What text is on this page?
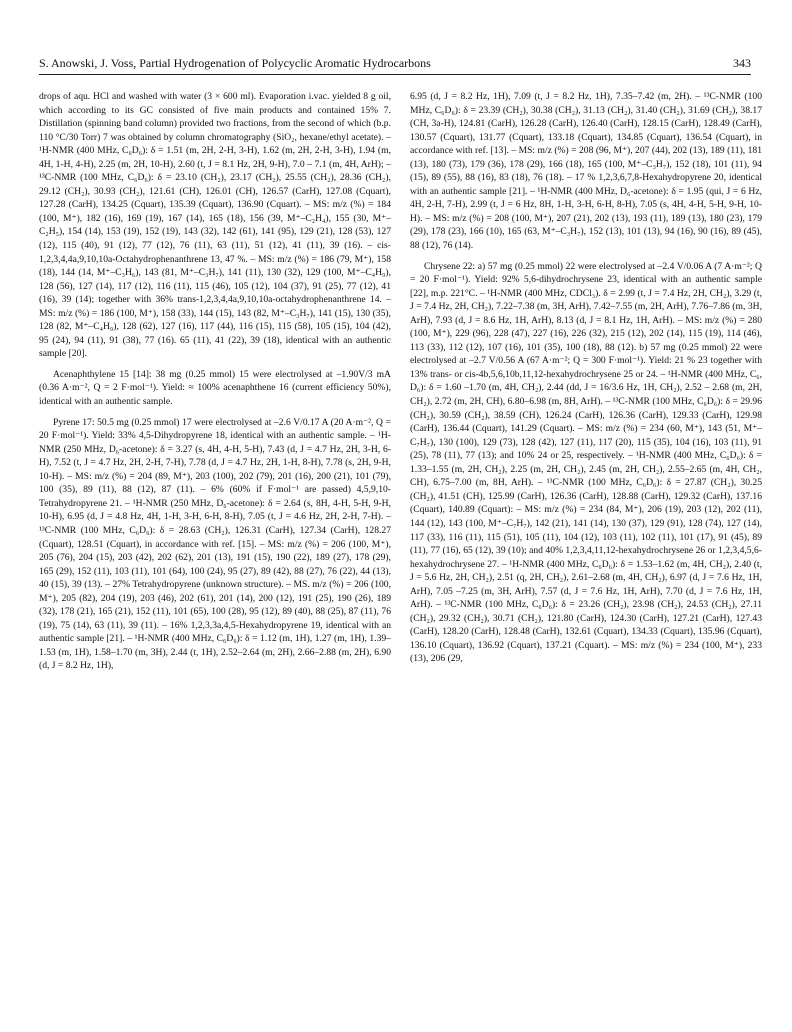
S. Anowski, J. Voss, Partial Hydrogenation of Polycyclic Aromatic Hydrocarbons	343

drops of aqu. HCl and washed with water (3 × 600 ml). Evaporation i.vac. yielded 8 g oil, which according to its GC consisted of five main products and contained 15% 7. Distillation (spinning band column) provided two fractions, from the second of which (b.p. 110 °C/30 Torr) 7 was obtained by column chromatography (SiO₂, hexane/ethyl acetate). – ¹H-NMR (400 MHz, C₆D₆): δ = 1.51 (m, 2H, 2-H, 3-H), 1.62 (m, 2H, 2-H, 3-H), 1.94 (m, 4H, 1-H, 4-H), 2.25 (m, 2H, 10-H), 2.60 (t, J = 8.1 Hz, 2H, 9-H), 7.0 – 7.1 (m, 4H, ArH); – ¹³C-NMR (100 MHz, C₆D₆): δ = 23.10 (CH₂), 23.17 (CH₂), 25.55 (CH₂), 28.36 (CH₂), 29.12 (CH₂), 30.93 (CH₂), 121.61 (CH), 126.01 (CH), 126.57 (CarH), 127.08 (Cquart), 127.28 (CarH), 134.25 (Cquart), 135.39 (Cquart), 136.90 (Cquart). – MS: m/z (%) = 184 (100, M⁺), 182 (16), 169 (19), 167 (14), 165 (18), 156 (39, M⁺–C₂H₄), 155 (30, M⁺–C₂H₅), 154 (14), 153 (19), 152 (19), 143 (32), 142 (61), 141 (95), 129 (21), 128 (53), 127 (12), 115 (40), 91 (12), 77 (12), 76 (11), 63 (11), 51 (12), 41 (11), 39 (16). – cis-1,2,3,4,4a,9,10,10a-Octahydrophenanthrene 13, 47 %. – MS: m/z (%) = 186 (79, M⁺), 158 (18), 144 (14, M⁺–C₃H₆), 143 (81, M⁺–C₃H₇), 141 (11), 130 (32), 129 (100, M⁺–C₄H₉), 128 (56), 127 (14), 117 (12), 116 (11), 115 (46), 105 (12), 104 (37), 91 (25), 77 (12), 41 (16), 39 (14); together with 36% trans-1,2,3,4,4a,9,10,10a-octahydrophenanthrene 14. – MS: m/z (%) = 186 (100, M⁺), 158 (33), 144 (15), 143 (82, M⁺–C₃H₇), 141 (15), 130 (35), 128 (82, M⁺–C₄H₉), 128 (62), 127 (16), 117 (44), 116 (15), 115 (58), 105 (15), 104 (42), 95 (24), 94 (11), 91 (38), 77 (16). 65 (11), 41 (22), 39 (18), identical with an authentic sample [20].

Acenaphthylene 15 [14]: 38 mg (0.25 mmol) 15 were electrolysed at –1.90V/3 mA (0.36 A·m⁻², Q = 2 F·mol⁻¹). Yield: ≈ 100% acenaphthene 16 (current efficiency 50%), identical with an authentic sample.

Pyrene 17: 50.5 mg (0.25 mmol) 17 were electrolysed at –2.6 V/0.17 A (20 A·m⁻², Q = 20 F·mol⁻¹). Yield: 33% 4,5-Dihydropyrene 18, identical with an authentic sample. – ¹H-NMR (250 MHz, D₆-acetone): δ = 3.27 (s, 4H, 4-H, 5-H), 7.43 (d, J = 4.7 Hz, 2H, 3-H, 6-H), 7.52 (t, J = 4.7 Hz, 2H, 2-H, 7-H), 7.78 (d, J = 4.7 Hz, 2H, 1-H, 8-H), 7.78 (s, 2H, 9-H, 10-H). – MS: m/z (%) = 204 (89, M⁺), 203 (100), 202 (79), 201 (16), 200 (21), 101 (79), 100 (35), 89 (11), 88 (12), 87 (11). – 6% (60% if F·mol⁻¹ are passed) 4,5,9,10-Tetrahydropyrene 21. – ¹H-NMR (250 MHz, D₆-acetone): δ = 2.64 (s, 8H, 4-H, 5-H, 9-H, 10-H), 6.95 (d, J = 4.8 Hz, 4H, 1-H, 3-H, 6-H, 8-H), 7.05 (t, J = 4.6 Hz, 2H, 2-H, 7-H). – ¹³C-NMR (100 MHz, C₆D₆): δ = 28.63 (CH₂), 126.31 (CarH), 127.34 (CarH), 128.27 (Cquart), 128.51 (Cquart), in accordance with ref. [15]. – MS: m/z (%) = 206 (100, M⁺), 205 (76), 204 (15), 203 (42), 202 (62), 201 (13), 191 (15), 190 (22), 189 (27), 178 (29), 165 (29), 152 (11), 103 (11), 101 (64), 100 (24), 95 (27), 89 (42), 88 (27), 76 (22), 44 (13), 40 (15), 39 (13). – 27% Tetrahydropyrene (unknown structure). – MS. m/z (%) = 206 (100, M⁺), 205 (82), 204 (19), 203 (46), 202 (61), 201 (14), 200 (12), 191 (25), 190 (26), 189 (32), 178 (21), 165 (21), 152 (11), 101 (65), 100 (28), 95 (12), 89 (40), 88 (25), 87 (11), 76 (19), 75 (14), 63 (11), 39 (11). – 16% 1,2,3,3a,4,5-Hexahydropyrene 19, identical with an authentic sample [21]. – ¹H-NMR (400 MHz, C₆D₆): δ = 1.12 (m, 1H), 1.27 (m, 1H), 1.39–1.53 (m, 1H), 1.58–1.70 (m, 3H), 2.44 (t, 1H), 2.52–2.64 (m, 2H), 2.66–2.88 (m, 2H), 6.90 (d, J = 8.2 Hz, 1H),

6.95 (d, J = 8.2 Hz, 1H), 7.09 (t, J = 8.2 Hz, 1H), 7.35–7.42 (m, 2H). – ¹³C-NMR (100 MHz, C₆D₆): δ = 23.39 (CH₂), 30.38 (CH₂), 31.13 (CH₂), 31.40 (CH₂), 31.69 (CH₂), 38.17 (CH, 3a-H), 124.81 (CarH), 126.28 (CarH), 126.40 (CarH), 128.15 (CarH), 128.49 (CarH), 130.57 (Cquart), 131.77 (Cquart), 133.18 (Cquart), 134.85 (Cquart), 136.54 (Cquart), in accordance with ref. [13]. – MS: m/z (%) = 208 (96, M⁺), 207 (44), 202 (13), 189 (11), 181 (13), 180 (73), 179 (36), 178 (29), 166 (18), 165 (100, M⁺–C₃H₇), 152 (18), 101 (11), 94 (15), 89 (55), 88 (16), 83 (18), 76 (18). – 17 % 1,2,3,6,7,8-Hexahydropyrene 20, identical with an authentic sample [21]. – ¹H-NMR (400 MHz, D₆-acetone): δ = 1.95 (qui, J = 6 Hz, 4H, 2-H, 7-H), 2.99 (t, J = 6 Hz, 8H, 1-H, 3-H, 6-H, 8-H), 7.05 (s, 4H, 4-H, 5-H, 9-H, 10-H). – MS: m/z (%) = 208 (100, M⁺), 207 (21), 202 (13), 193 (11), 189 (13), 180 (23), 179 (29), 178 (23), 166 (10), 165 (63, M⁺–C₃H₇), 152 (13), 101 (13), 94 (16), 90 (16), 89 (45), 88 (12), 76 (14).

Chrysene 22: a) 57 mg (0.25 mmol) 22 were electrolysed at –2.4 V/0.06 A (7 A·m⁻²; Q = 20 F·mol⁻¹). Yield: 92% 5,6-dihydrochrysene 23, identical with an authentic sample [22], m.p. 221°C. – ¹H-NMR (400 MHz, CDCl₃). δ = 2.99 (t, J = 7.4 Hz, 2H, CH₂), 3.29 (t, J = 7.4 Hz, 2H, CH₂), 7.22–7.38 (m, 3H, ArH), 7.42–7.55 (m, 2H, ArH), 7.76–7.86 (m, 3H, ArH), 7.93 (d, J = 8.6 Hz, 1H, ArH), 8.13 (d, J = 8.1 Hz, 1H, ArH). – MS: m/z (%) = 280 (100, M⁺), 229 (96), 228 (47), 227 (16), 226 (32), 215 (12), 202 (14), 115 (19), 114 (46), 113 (33), 112 (12), 107 (16), 101 (35), 100 (18), 88 (12). b) 57 mg (0.25 mmol) 22 were electrolysed at –2.7 V/0.56 A (67 A·m⁻²; Q = 300 F·mol⁻¹). Yield: 21 % 23 together with 13% trans- or cis-4b,5,6,10b,11,12-hexahydrochrysene 25 or 24. – ¹H-NMR (400 MHz, C₆, D₆): δ = 1.60 –1.70 (m, 4H, CH₂), 2.44 (dd, J = 16/3.6 Hz, 1H, CH₂), 2.52 – 2.68 (m, 2H, CH₂), 2.72 (m, 2H, CH), 6.80–6.98 (m, 8H, ArH). – ¹³C-NMR (100 MHz, C₆D₆): δ = 29.96 (CH₂), 30.59 (CH₂), 38.59 (CH), 126.24 (CarH), 126.36 (CarH), 129.33 (CarH), 129.98 (CarH), 136.44 (Cquart), 141.29 (Cquart). – MS: m/z (%) = 234 (60, M⁺), 143 (51, M⁺–C₇H₇), 130 (100), 129 (73), 128 (42), 127 (11), 117 (20), 115 (35), 104 (16), 103 (11), 91 (25), 78 (11), 77 (13); and 10% 24 or 25, respectively. – ¹H-NMR (400 MHz, C₆D₆): δ = 1.33–1.55 (m, 2H, CH₂), 2.25 (m, 2H, CH₂), 2.45 (m, 2H, CH₂), 2.55–2.65 (m, 4H, CH₂, CH), 6.75–7.00 (m, 8H, ArH). – ¹³C-NMR (100 MHz, C₆D₆): δ = 27.87 (CH₂), 30.25 (CH₂), 41.51 (CH), 125.99 (CarH), 126.36 (CarH), 128.88 (CarH), 129.32 (CarH), 137.16 (Cquart), 140.89 (Cquart): – MS: m/z (%) = 234 (84, M⁺), 206 (19), 203 (12), 202 (11), 144 (12), 143 (100, M⁺–C₇H₇), 142 (21), 141 (14), 130 (37), 129 (91), 128 (74), 127 (14), 117 (33), 116 (11), 115 (51), 105 (11), 104 (12), 103 (11), 102 (11), 101 (17), 91 (45), 89 (11), 77 (16), 65 (12), 39 (10); and 40% 1,2,3,4,11,12-hexahydrochrysene 26 or 1,2,3,4,5,6-hexahydrochrysene 27. – ¹H-NMR (400 MHz, C₆D₆): δ = 1.53–1.62 (m, 4H, CH₂), 2.40 (t, J = 5.6 Hz, 2H, CH₂), 2.51 (q, 2H, CH₂), 2.61–2.68 (m, 4H, CH₂), 6.97 (d, J = 7.6 Hz, 1H, ArH), 7.05 –7.25 (m, 3H, ArH), 7.57 (d, J = 7.6 Hz, 1H, ArH), 7.70 (d, J = 7.6 Hz, 1H, ArH). – ¹³C-NMR (100 MHz, C₆D₆): δ = 23.26 (CH₂), 23.98 (CH₂), 24.53 (CH₂), 27.11 (CH₂), 29.32 (CH₂), 30.71 (CH₂), 121.80 (CarH), 124.30 (CarH), 127.21 (CarH), 127.43 (CarH), 128.20 (CarH), 128.48 (CarH), 132.61 (Cquart), 134.33 (Cquart), 135.96 (Cquart), 136.10 (Cquart), 136.92 (Cquart), 137.21 (Cquart). – MS: m/z (%) = 234 (100, M⁺), 233 (13), 206 (29,
